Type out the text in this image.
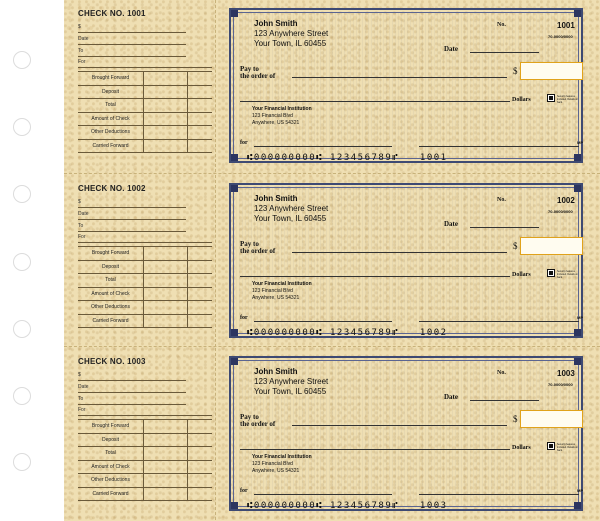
CHECK NO. 1001
$
Date
To
For
Brought Forward
Deposit
Total
Amount of Check
Other Deductions
Carried Forward
John Smith
123 Anywhere Street
Your Town, IL 60455
No.	1001
70-0000/0000
Date
Pay to
the order of	$
Dollars
Security features Included. Details on back.
Your Financial Institution
123 Financial Blvd
Anywhere, US 54321
for	MP
⑆000000000⑆ 123456789⑈   1001
CHECK NO. 1002
$
Date
To
For
Brought Forward
Deposit
Total
Amount of Check
Other Deductions
Carried Forward
John Smith
123 Anywhere Street
Your Town, IL 60455
No.	1002
70-0000/0000
Date
Pay to
the order of	$
Dollars
Security features Included. Details on back.
Your Financial Institution
123 Financial Blvd
Anywhere, US 54321
for	MP
⑆000000000⑆ 123456789⑈   1002
CHECK NO. 1003
$
Date
To
For
Brought Forward
Deposit
Total
Amount of Check
Other Deductions
Carried Forward
John Smith
123 Anywhere Street
Your Town, IL 60455
No.	1003
70-0000/0000
Date
Pay to
the order of	$
Dollars
Security features Included. Details on back.
Your Financial Institution
123 Financial Blvd
Anywhere, US 54321
for	MP
⑆000000000⑆ 123456789⑈   1003
